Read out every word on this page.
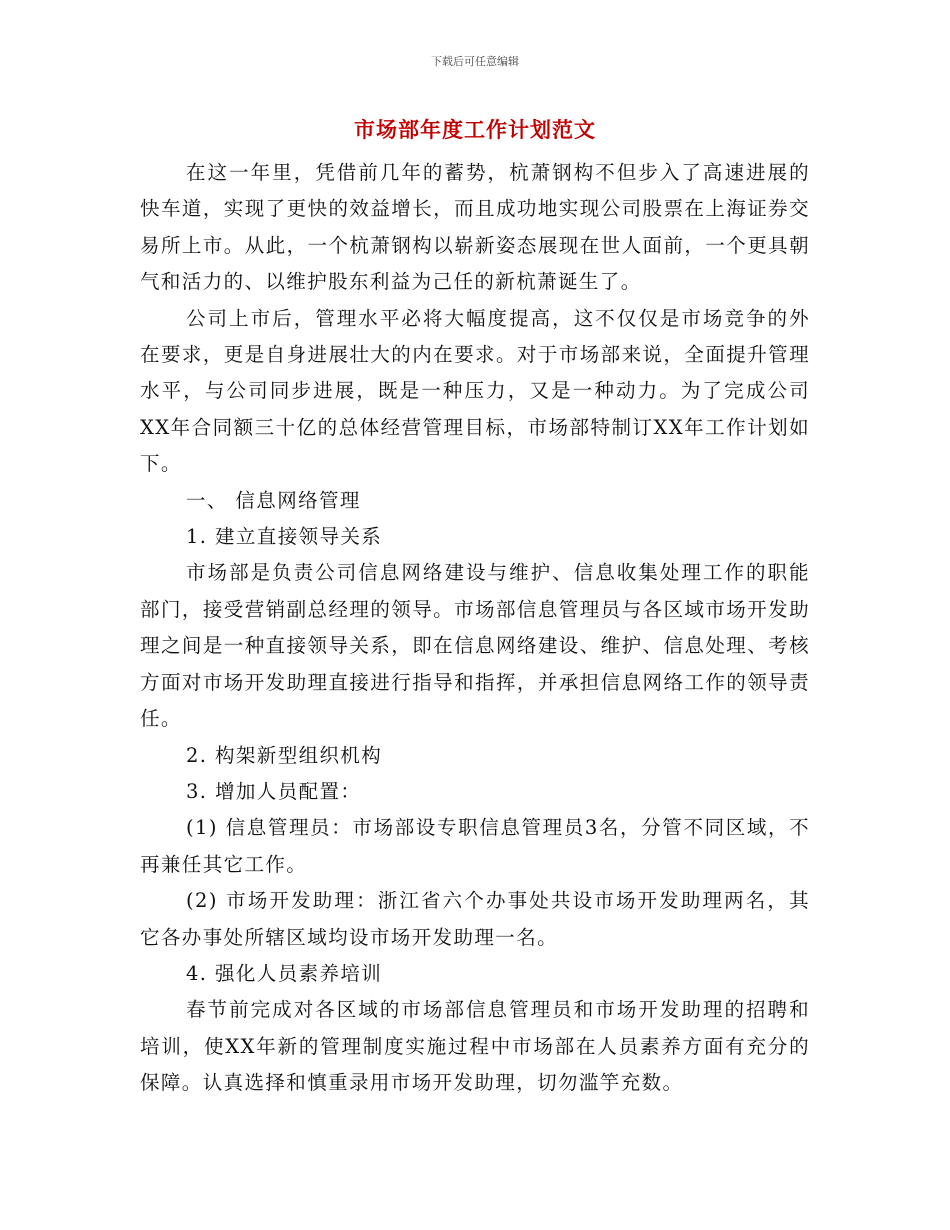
下载后可任意编辑
市场部年度工作计划范文

在这一年里，凭借前几年的蓄势，杭萧钢构不但步入了高速进展的快车道，实现了更快的效益增长，而且成功地实现公司股票在上海证券交易所上市。从此，一个杭萧钢构以崭新姿态展现在世人面前，一个更具朝气和活力的、以维护股东利益为己任的新杭萧诞生了。

公司上市后，管理水平必将大幅度提高，这不仅仅是市场竞争的外在要求，更是自身进展壮大的内在要求。对于市场部来说，全面提升管理水平，与公司同步进展，既是一种压力，又是一种动力。为了完成公司XX年合同额三十亿的总体经营管理目标，市场部特制订XX年工作计划如下。

一、 信息网络管理

1. 建立直接领导关系

市场部是负责公司信息网络建设与维护、信息收集处理工作的职能部门，接受营销副总经理的领导。市场部信息管理员与各区域市场开发助理之间是一种直接领导关系，即在信息网络建设、维护、信息处理、考核方面对市场开发助理直接进行指导和指挥，并承担信息网络工作的领导责任。

2. 构架新型组织机构

3. 增加人员配置：

(1) 信息管理员：市场部设专职信息管理员3名，分管不同区域，不再兼任其它工作。

(2) 市场开发助理：浙江省六个办事处共设市场开发助理两名，其它各办事处所辖区域均设市场开发助理一名。

4. 强化人员素养培训

春节前完成对各区域的市场部信息管理员和市场开发助理的招聘和培训，使XX年新的管理制度实施过程中市场部在人员素养方面有充分的保障。认真选择和慎重录用市场开发助理，切勿滥竽充数。
